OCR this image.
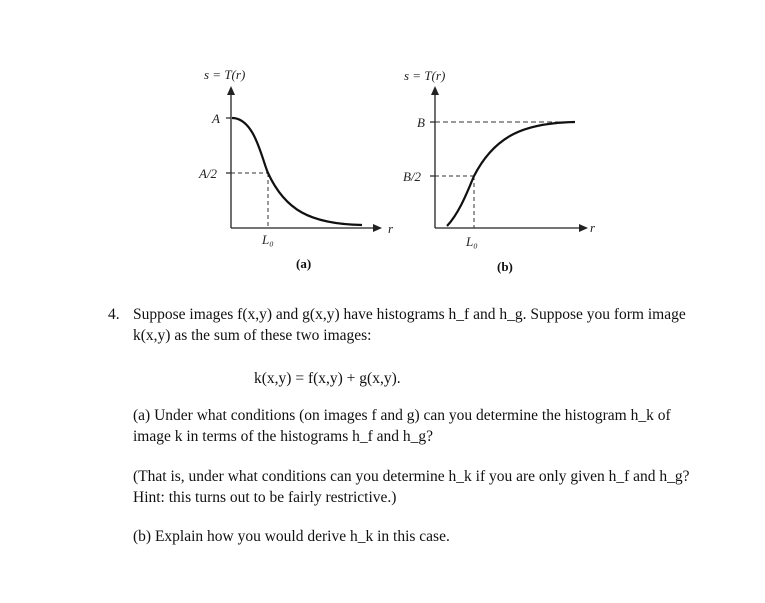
s = T(r)
A
A/2
L₀
r
(a)
s = T(r)
B
B/2
L₀
r
(b)
4. Suppose images f(x,y) and g(x,y) have histograms h_f and h_g. Suppose you form image k(x,y) as the sum of these two images:

k(x,y) = f(x,y) + g(x,y).

(a) Under what conditions (on images f and g) can you determine the histogram h_k of image k in terms of the histograms h_f and h_g?

(That is, under what conditions can you determine h_k if you are only given h_f and h_g? Hint: this turns out to be fairly restrictive.)

(b) Explain how you would derive h_k in this case.
